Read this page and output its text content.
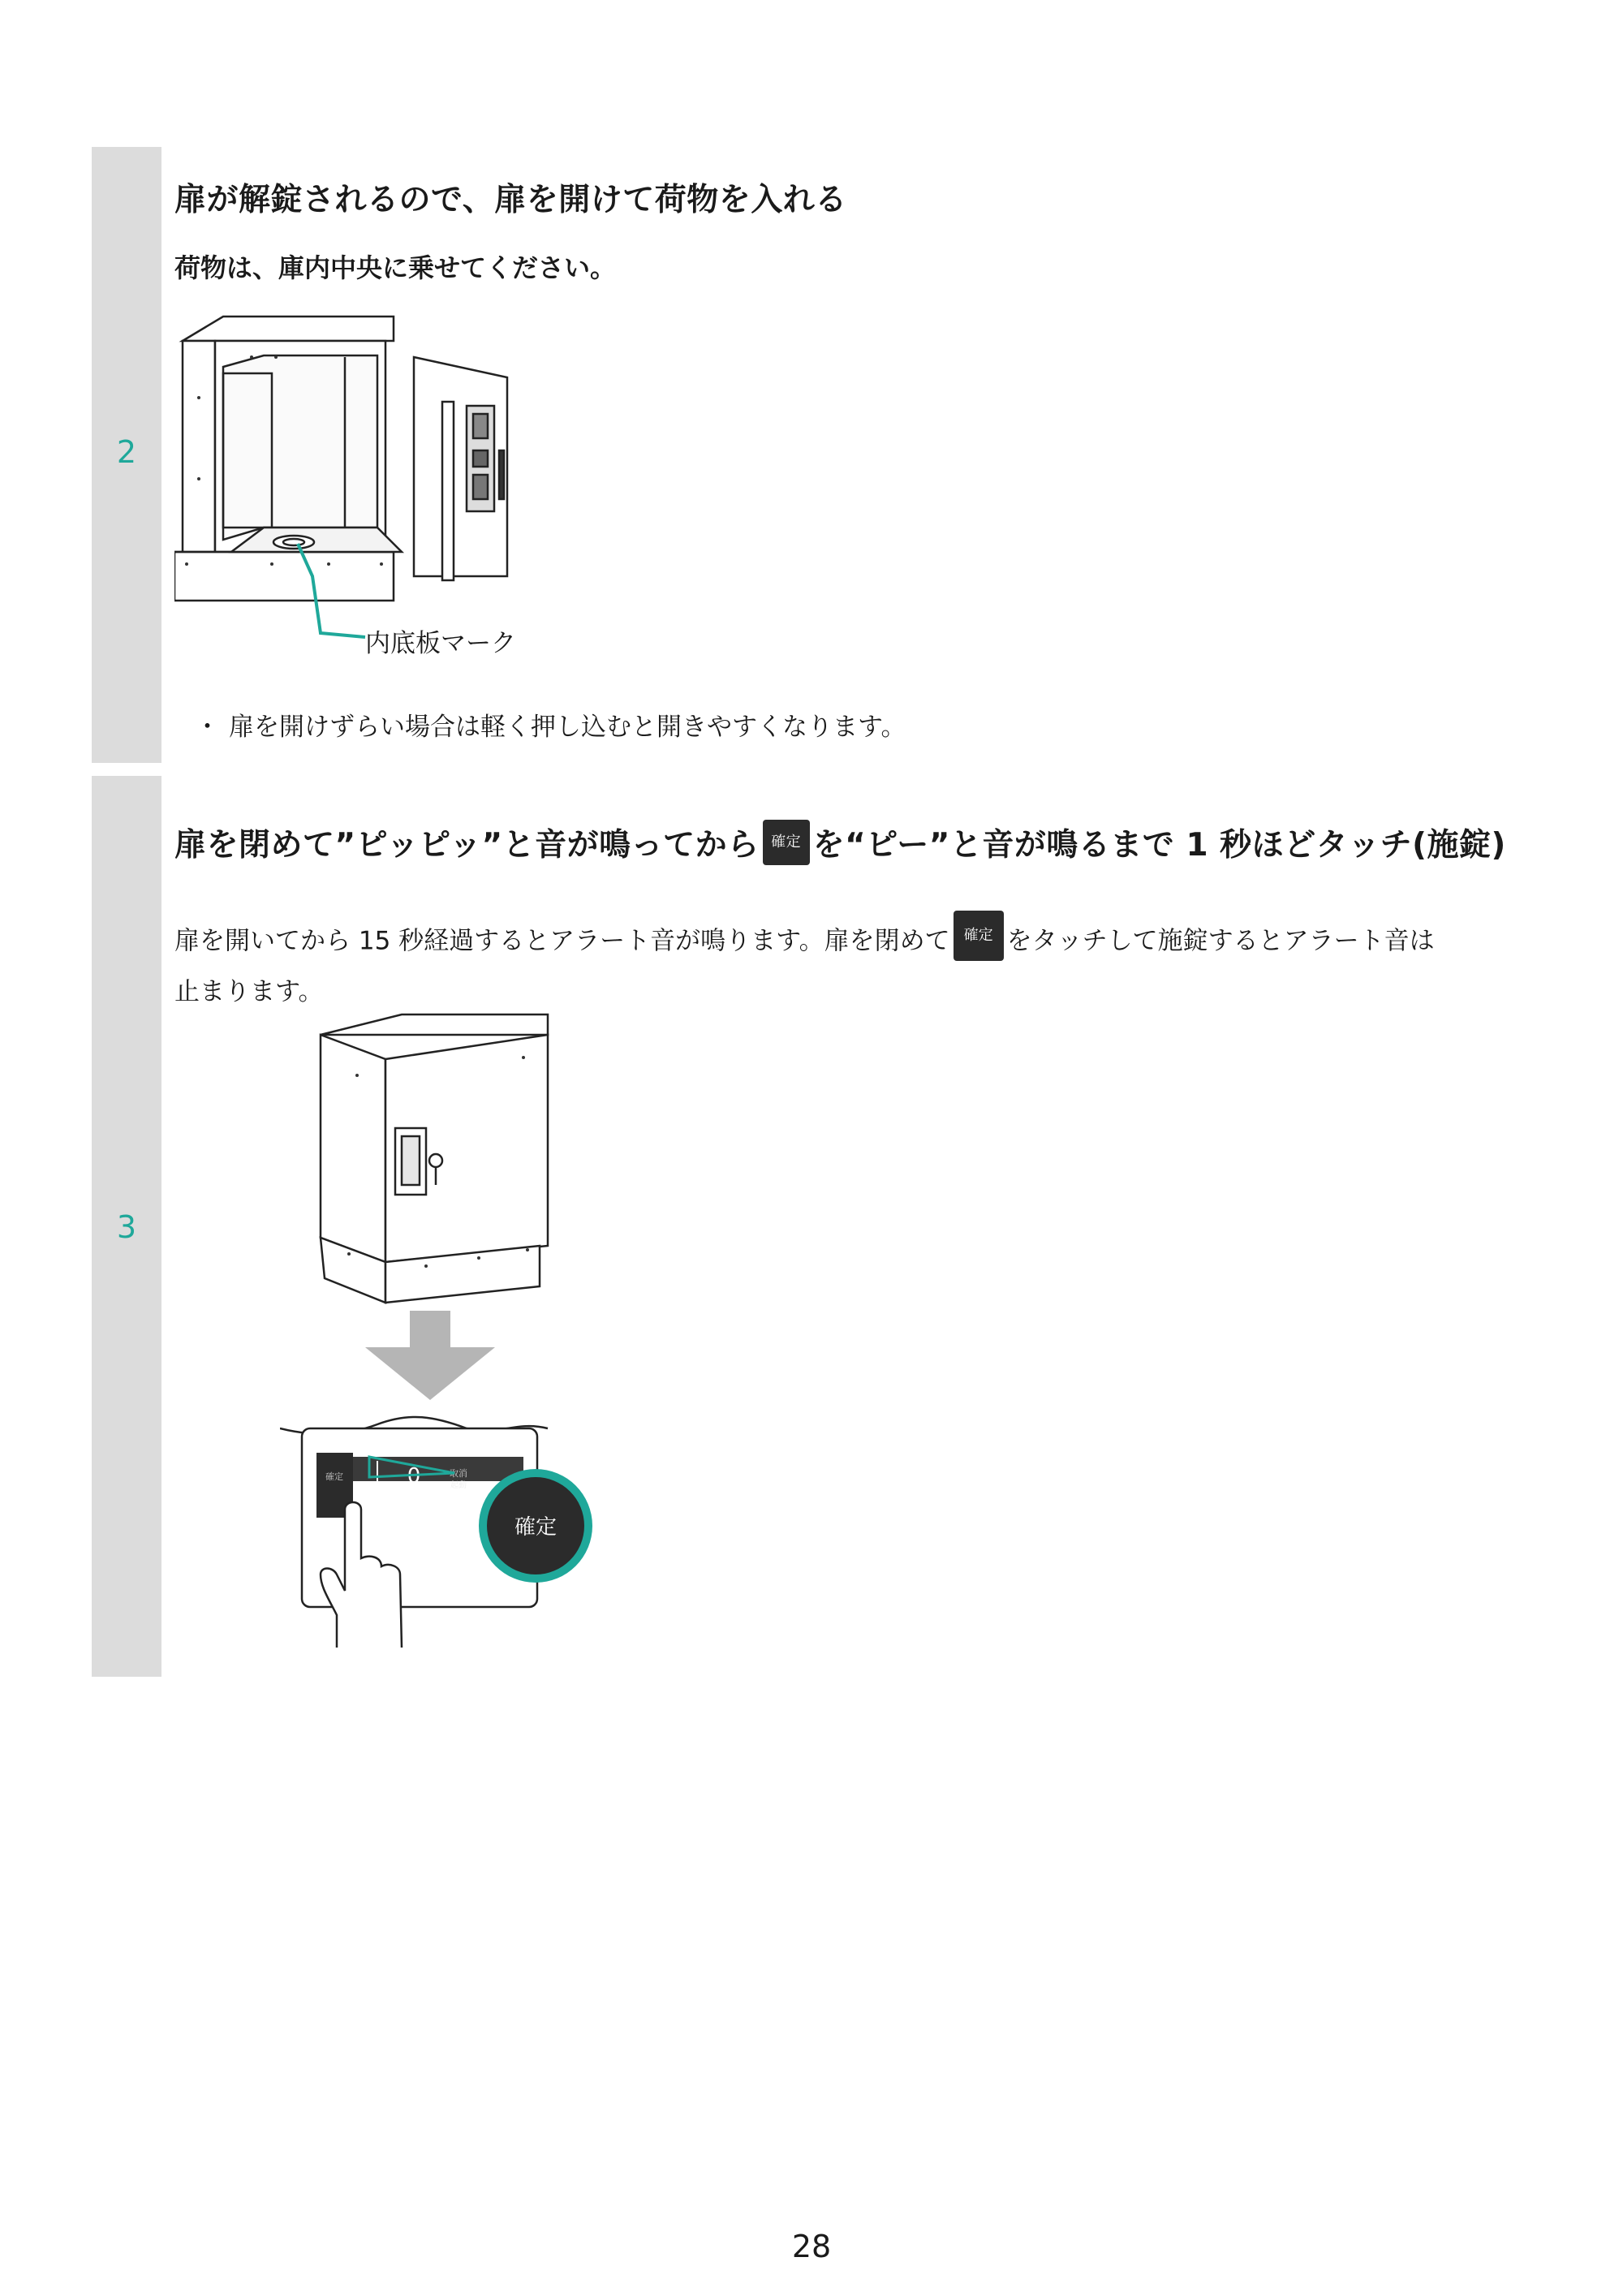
2
扉が解錠されるので、扉を開けて荷物を入れる
荷物は、庫内中央に乗せてください。
内底板マーク
・ 扉を開けずらい場合は軽く押し込むと開きやすくなります。
3
扉を閉めて”ピッピッ”と音が鳴ってから 確定 を“ピー”と音が鳴るまで 1 秒ほどタッチ(施錠)
扉を開いてから 15 秒経過するとアラート音が鳴ります。扉を閉めて 確定 をタッチして施錠するとアラート音は
止まります。
確定	0	取消
起動
確定
28
